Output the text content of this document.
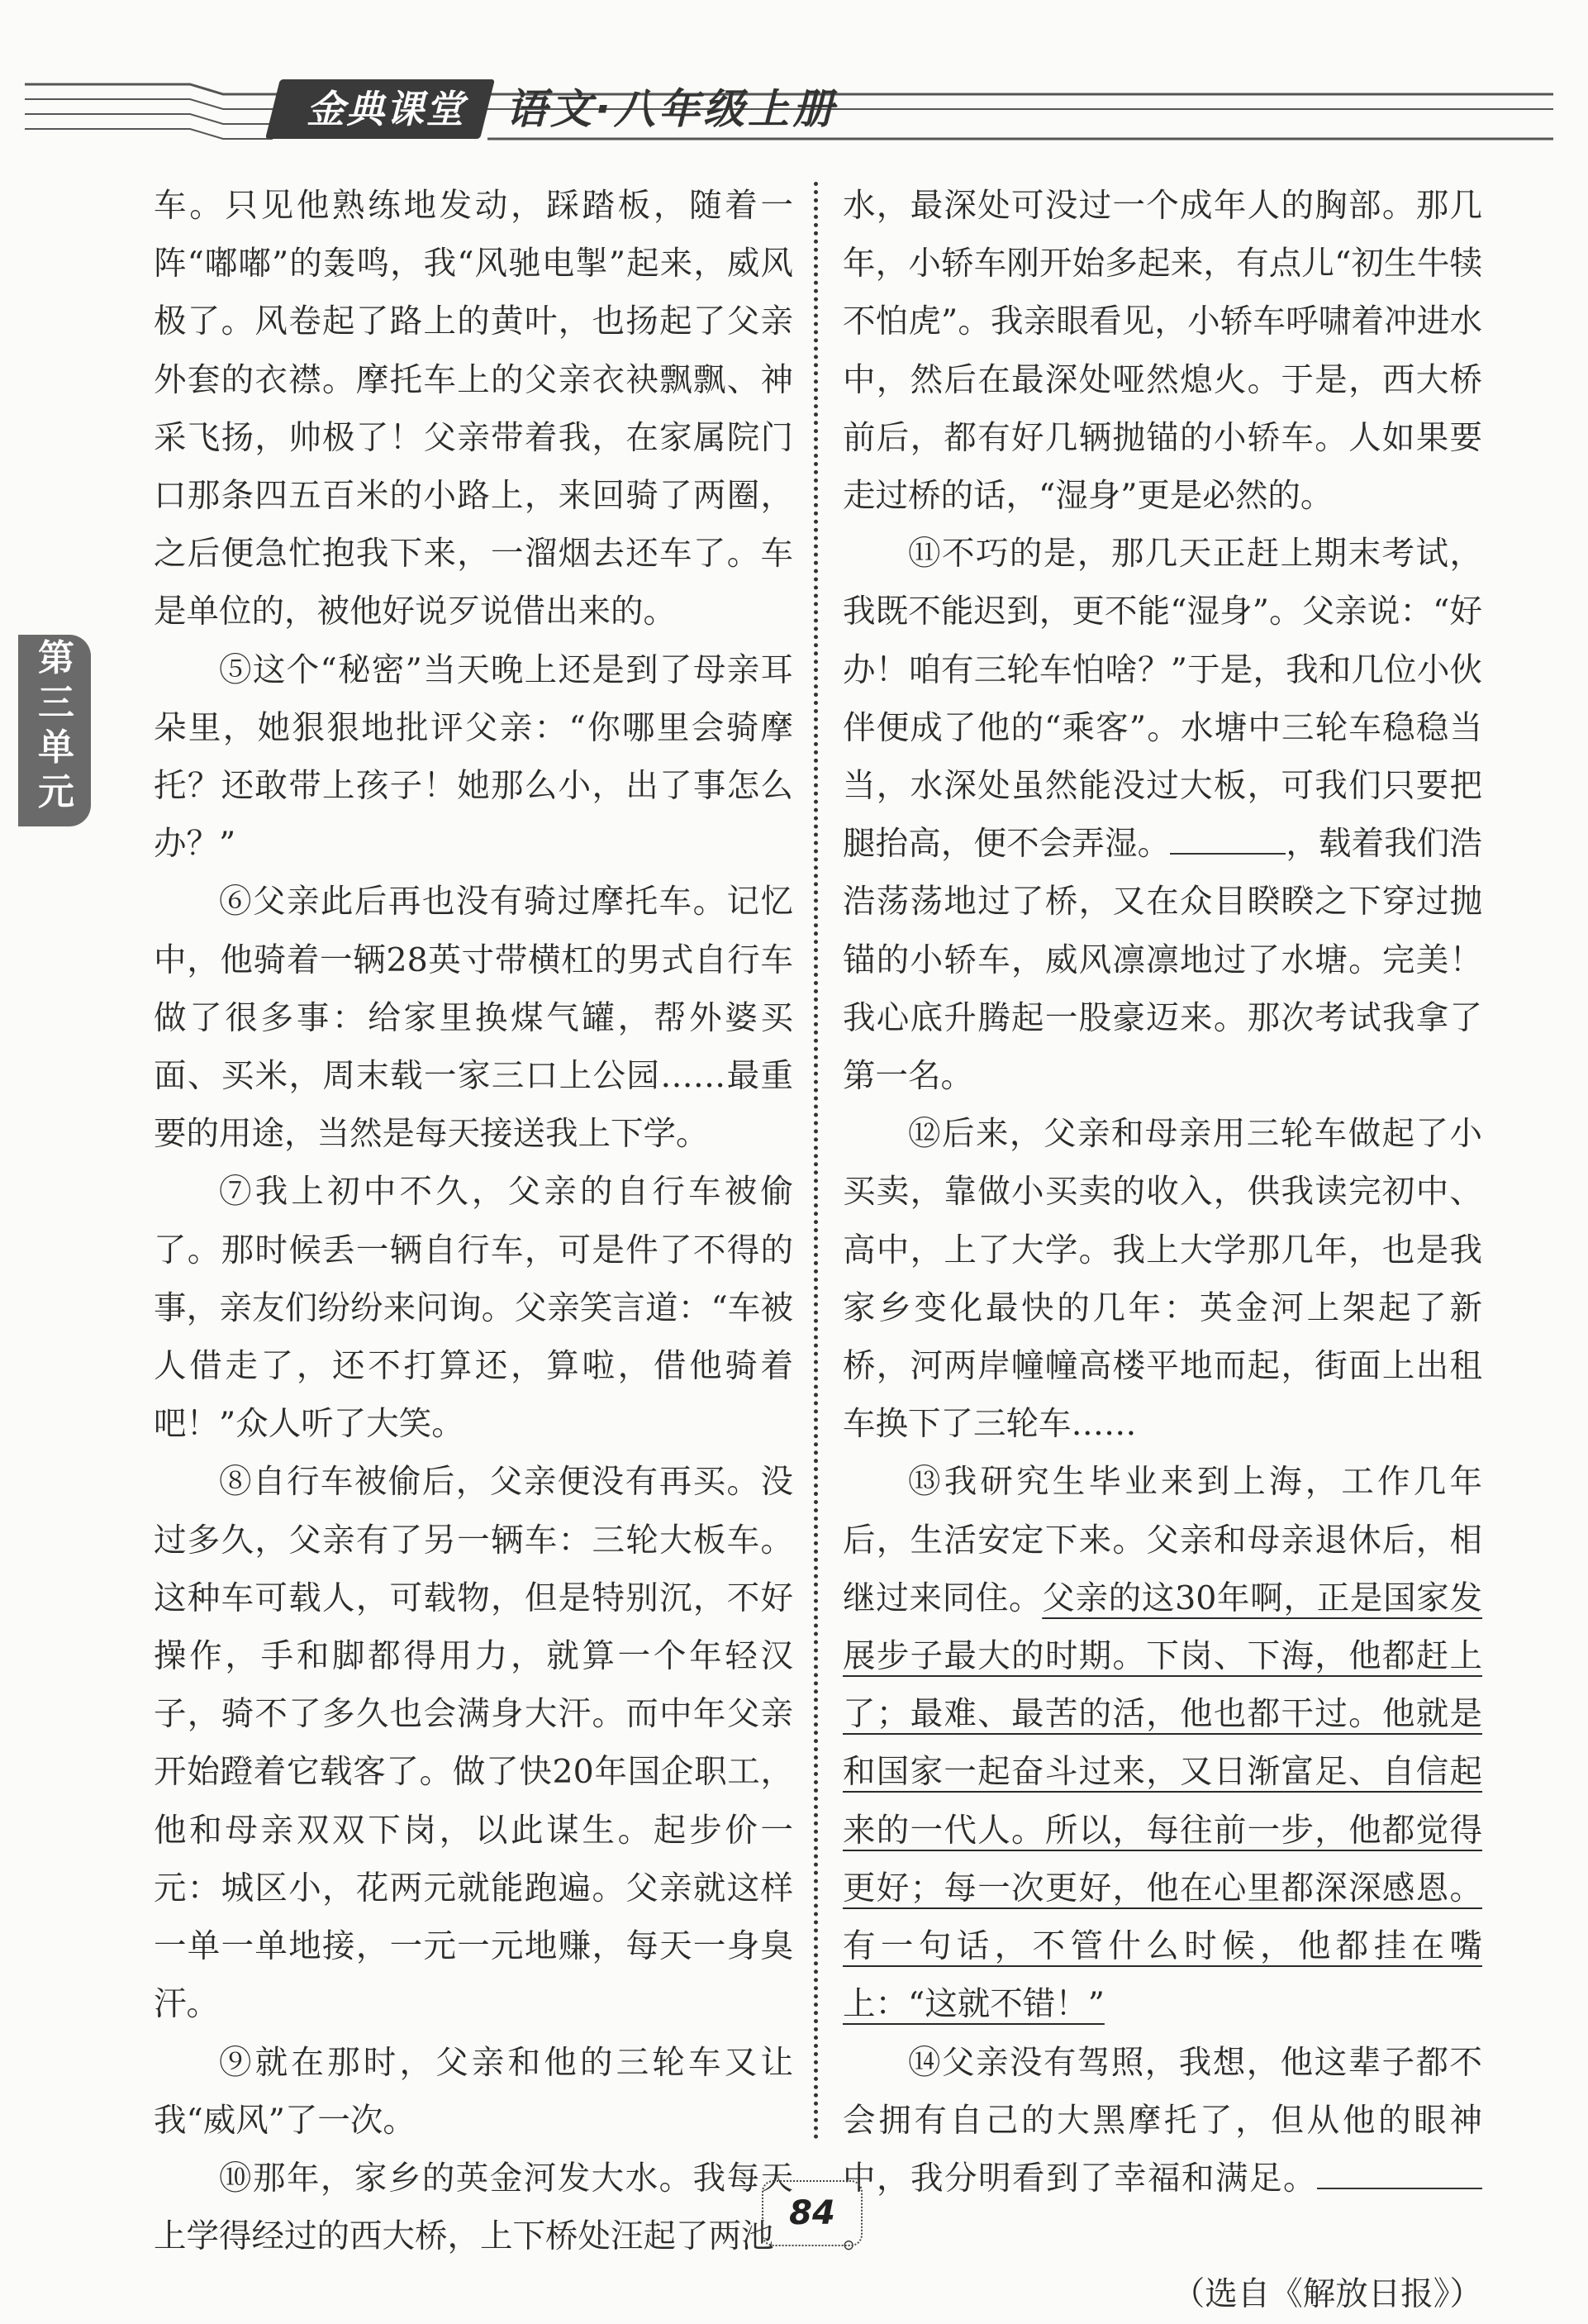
金典课堂 语文·八年级上册
第三单元

车。只见他熟练地发动，踩踏板，随着一阵“嘟嘟”的轰鸣，我“风驰电掣”起来，威风极了。风卷起了路上的黄叶，也扬起了父亲外套的衣襟。摩托车上的父亲衣袂飘飘、神采飞扬，帅极了！父亲带着我，在家属院门口那条四五百米的小路上，来回骑了两圈，之后便急忙抱我下来，一溜烟去还车了。车是单位的，被他好说歹说借出来的。

⑤这个“秘密”当天晚上还是到了母亲耳朵里，她狠狠地批评父亲：“你哪里会骑摩托？还敢带上孩子！她那么小，出了事怎么办？”

⑥父亲此后再也没有骑过摩托车。记忆中，他骑着一辆28英寸带横杠的男式自行车做了很多事：给家里换煤气罐，帮外婆买面、买米，周末载一家三口上公园……最重要的用途，当然是每天接送我上下学。

⑦我上初中不久，父亲的自行车被偷了。那时候丢一辆自行车，可是件了不得的事，亲友们纷纷来问询。父亲笑言道：“车被人借走了，还不打算还，算啦，借他骑着吧！”众人听了大笑。

⑧自行车被偷后，父亲便没有再买。没过多久，父亲有了另一辆车：三轮大板车。这种车可载人，可载物，但是特别沉，不好操作，手和脚都得用力，就算一个年轻汉子，骑不了多久也会满身大汗。而中年父亲开始蹬着它载客了。做了快20年国企职工，他和母亲双双下岗，以此谋生。起步价一元：城区小，花两元就能跑遍。父亲就这样一单一单地接，一元一元地赚，每天一身臭汗。

⑨就在那时，父亲和他的三轮车又让我“威风”了一次。

⑩那年，家乡的英金河发大水。我每天上学得经过的西大桥，上下桥处汪起了两池

水，最深处可没过一个成年人的胸部。那几年，小轿车刚开始多起来，有点儿“初生牛犊不怕虎”。我亲眼看见，小轿车呼啸着冲进水中，然后在最深处哑然熄火。于是，西大桥前后，都有好几辆抛锚的小轿车。人如果要走过桥的话，“湿身”更是必然的。

⑪不巧的是，那几天正赶上期末考试，我既不能迟到，更不能“湿身”。父亲说：“好办！咱有三轮车怕啥？”于是，我和几位小伙伴便成了他的“乘客”。水塘中三轮车稳稳当当，水深处虽然能没过大板，可我们只要把腿抬高，便不会弄湿。	，载着我们浩浩荡荡地过了桥，又在众目睽睽之下穿过抛锚的小轿车，威风凛凛地过了水塘。完美！我心底升腾起一股豪迈来。那次考试我拿了第一名。

⑫后来，父亲和母亲用三轮车做起了小买卖，靠做小买卖的收入，供我读完初中、高中，上了大学。我上大学那几年，也是我家乡变化最快的几年：英金河上架起了新桥，河两岸幢幢高楼平地而起，街面上出租车换下了三轮车……

⑬我研究生毕业来到上海，工作几年后，生活安定下来。父亲和母亲退休后，相继过来同住。父亲的这30年啊，正是国家发展步子最大的时期。下岗、下海，他都赶上了；最难、最苦的活，他也都干过。他就是和国家一起奋斗过来，又日渐富足、自信起来的一代人。所以，每往前一步，他都觉得更好；每一次更好，他在心里都深深感恩。有一句话，不管什么时候，他都挂在嘴上：“这就不错！”

⑭父亲没有驾照，我想，他这辈子都不会拥有自己的大黑摩托了，但从他的眼神中，我分明看到了幸福和满足。。

（选自《解放日报》）

84
